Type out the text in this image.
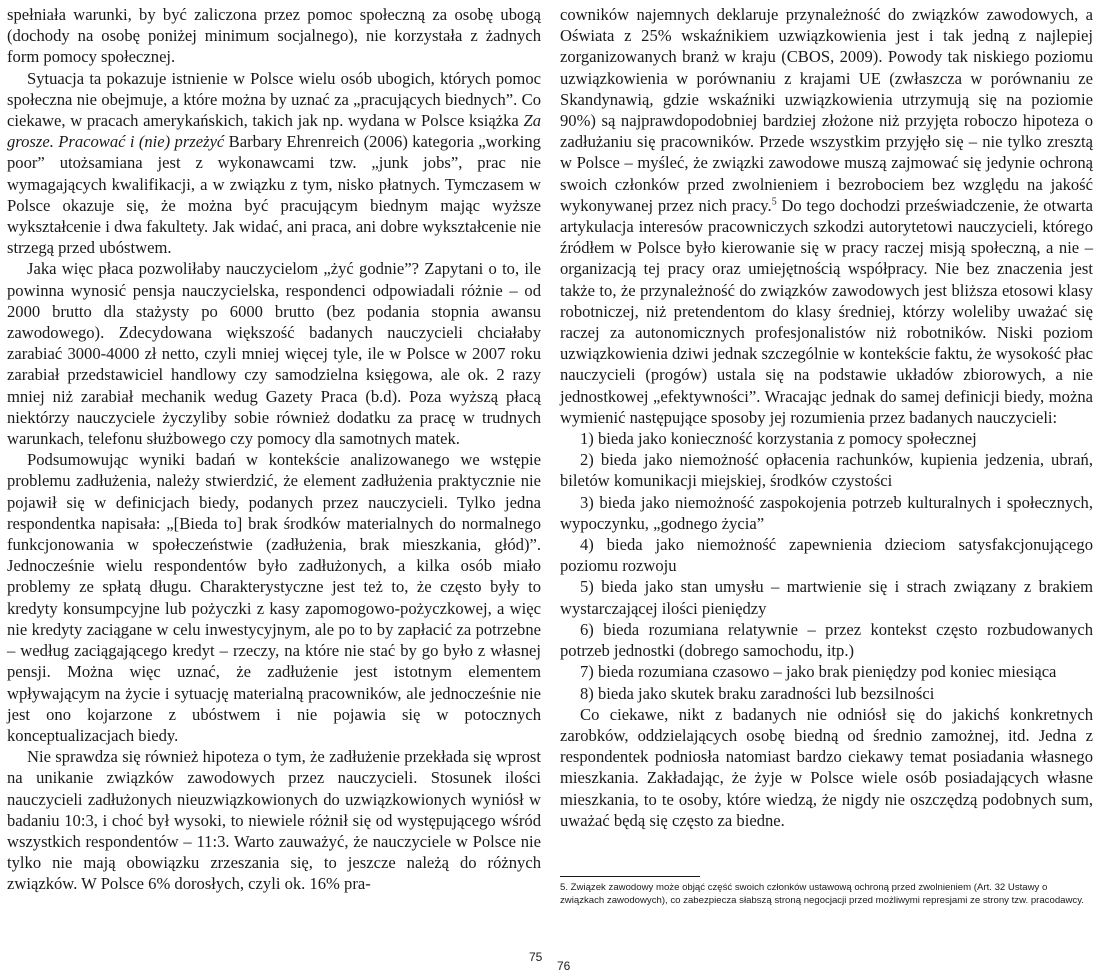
spełniała warunki, by być zaliczona przez pomoc społeczną za osobę ubogą (dochody na osobę poniżej minimum socjalnego), nie korzystała z żadnych form pomocy społecznej.

Sytuacja ta pokazuje istnienie w Polsce wielu osób ubogich, których pomoc społeczna nie obejmuje, a które można by uznać za „pracujących biednych”. Co ciekawe, w pracach amerykańskich, takich jak np. wydana w Polsce książka Za grosze. Pracować i (nie) przeżyć Barbary Ehrenreich (2006) kategoria „working poor” utożsamiana jest z wykonawcami tzw. „junk jobs”, prac nie wymagających kwalifikacji, a w związku z tym, nisko płatnych. Tymczasem w Polsce okazuje się, że można być pracującym biednym mając wyższe wykształcenie i dwa fakultety. Jak widać, ani praca, ani dobre wykształcenie nie strzegą przed ubóstwem.

Jaka więc płaca pozwoliłaby nauczycielom „żyć godnie”? Zapytani o to, ile powinna wynosić pensja nauczycielska, respondenci odpowiadali różnie – od 2000 brutto dla stażysty po 6000 brutto (bez podania stopnia awansu zawodowego). Zdecydowana większość badanych nauczycieli chciałaby zarabiać 3000-4000 zł netto, czyli mniej więcej tyle, ile w Polsce w 2007 roku zarabiał przedstawiciel handlowy czy samodzielna księgowa, ale ok. 2 razy mniej niż zarabiał mechanik wedug Gazety Praca (b.d). Poza wyższą płacą niektórzy nauczyciele życzyliby sobie również dodatku za pracę w trudnych warunkach, telefonu służbowego czy pomocy dla samotnych matek.

Podsumowując wyniki badań w kontekście analizowanego we wstępie problemu zadłużenia, należy stwierdzić, że element zadłużenia praktycznie nie pojawił się w definicjach biedy, podanych przez nauczycieli. Tylko jedna respondentka napisała: „[Bieda to] brak środków materialnych do normalnego funkcjonowania w społeczeństwie (zadłużenia, brak mieszkania, głód)”. Jednocześnie wielu respondentów było zadłużonych, a kilka osób miało problemy ze spłatą długu. Charakterystyczne jest też to, że często były to kredyty konsumpcyjne lub pożyczki z kasy zapomogowo-pożyczkowej, a więc nie kredyty zaciągane w celu inwestycyjnym, ale po to by zapłacić za potrzebne – według zaciągającego kredyt – rzeczy, na które nie stać by go było z własnej pensji. Można więc uznać, że zadłużenie jest istotnym elementem wpływającym na życie i sytuację materialną pracowników, ale jednocześnie nie jest ono kojarzone z ubóstwem i nie pojawia się w potocznych konceptualizacjach biedy.

Nie sprawdza się również hipoteza o tym, że zadłużenie przekłada się wprost na unikanie związków zawodowych przez nauczycieli. Stosunek ilości nauczycieli zadłużonych nieuzwiązkowionych do uzwiązkowionych wyniósł w badaniu 10:3, i choć był wysoki, to niewiele różnił się od występującego wśród wszystkich respondentów – 11:3. Warto zauważyć, że nauczyciele w Polsce nie tylko nie mają obowiązku zrzeszania się, to jeszcze należą do różnych związków. W Polsce 6% dorosłych, czyli ok. 16% pra-

cowników najemnych deklaruje przynależność do związków zawodowych, a Oświata z 25% wskaźnikiem uzwiązkowienia jest i tak jedną z najlepiej zorganizowanych branż w kraju (CBOS, 2009). Powody tak niskiego poziomu uzwiązkowienia w porównaniu z krajami UE (zwłaszcza w porównaniu ze Skandynawią, gdzie wskaźniki uzwiązkowienia utrzymują się na poziomie 90%) są najprawdopodobniej bardziej złożone niż przyjęta roboczo hipoteza o zadłużaniu się pracowników. Przede wszystkim przyjęło się – nie tylko zresztą w Polsce – myśleć, że związki zawodowe muszą zajmować się jedynie ochroną swoich członków przed zwolnieniem i bezrobociem bez względu na jakość wykonywanej przez nich pracy.$^5$ Do tego dochodzi przeświadczenie, że otwarta artykulacja interesów pracowniczych szkodzi autorytetowi nauczycieli, którego źródłem w Polsce było kierowanie się w pracy raczej misją społeczną, a nie – organizacją tej pracy oraz umiejętnością współpracy. Nie bez znaczenia jest także to, że przynależność do związków zawodowych jest bliższa etosowi klasy robotniczej, niż pretendentom do klasy średniej, którzy woleliby uważać się raczej za autonomicznych profesjonalistów niż robotników. Niski poziom uzwiązkowienia dziwi jednak szczególnie w kontekście faktu, że wysokość płac nauczycieli (progów) ustala się na podstawie układów zbiorowych, a nie jednostkowej „efektywności”. Wracając jednak do samej definicji biedy, można wymienić następujące sposoby jej rozumienia przez badanych nauczycieli:

1) bieda jako konieczność korzystania z pomocy społecznej

2) bieda jako niemożność opłacenia rachunków, kupienia jedzenia, ubrań, biletów komunikacji miejskiej, środków czystości

3) bieda jako niemożność zaspokojenia potrzeb kulturalnych i społecznych, wypoczynku, „godnego życia”

4) bieda jako niemożność zapewnienia dzieciom satysfakcjonującego poziomu rozwoju

5) bieda jako stan umysłu – martwienie się i strach związany z brakiem wystarczającej ilości pieniędzy

6) bieda rozumiana relatywnie – przez kontekst często rozbudowanych potrzeb jednostki (dobrego samochodu, itp.)

7) bieda rozumiana czasowo – jako brak pieniędzy pod koniec miesiąca

8) bieda jako skutek braku zaradności lub bezsilności

Co ciekawe, nikt z badanych nie odniósł się do jakichś konkretnych zarobków, oddzielających osobę biedną od średnio zamożnej, itd. Jedna z respondentek podniosła natomiast bardzo ciekawy temat posiadania własnego mieszkania. Zakładając, że żyje w Polsce wiele osób posiadających własne mieszkania, to te osoby, które wiedzą, że nigdy nie oszczędzą podobnych sum, uważać będą się często za biedne.

5. Związek zawodowy może objąć część swoich członków ustawową ochroną przed zwolnieniem (Art. 32 Ustawy o związkach zawodowych), co zabezpiecza słabszą stroną negocjacji przed możliwymi represjami ze strony tzw. pracodawcy.
75
76
